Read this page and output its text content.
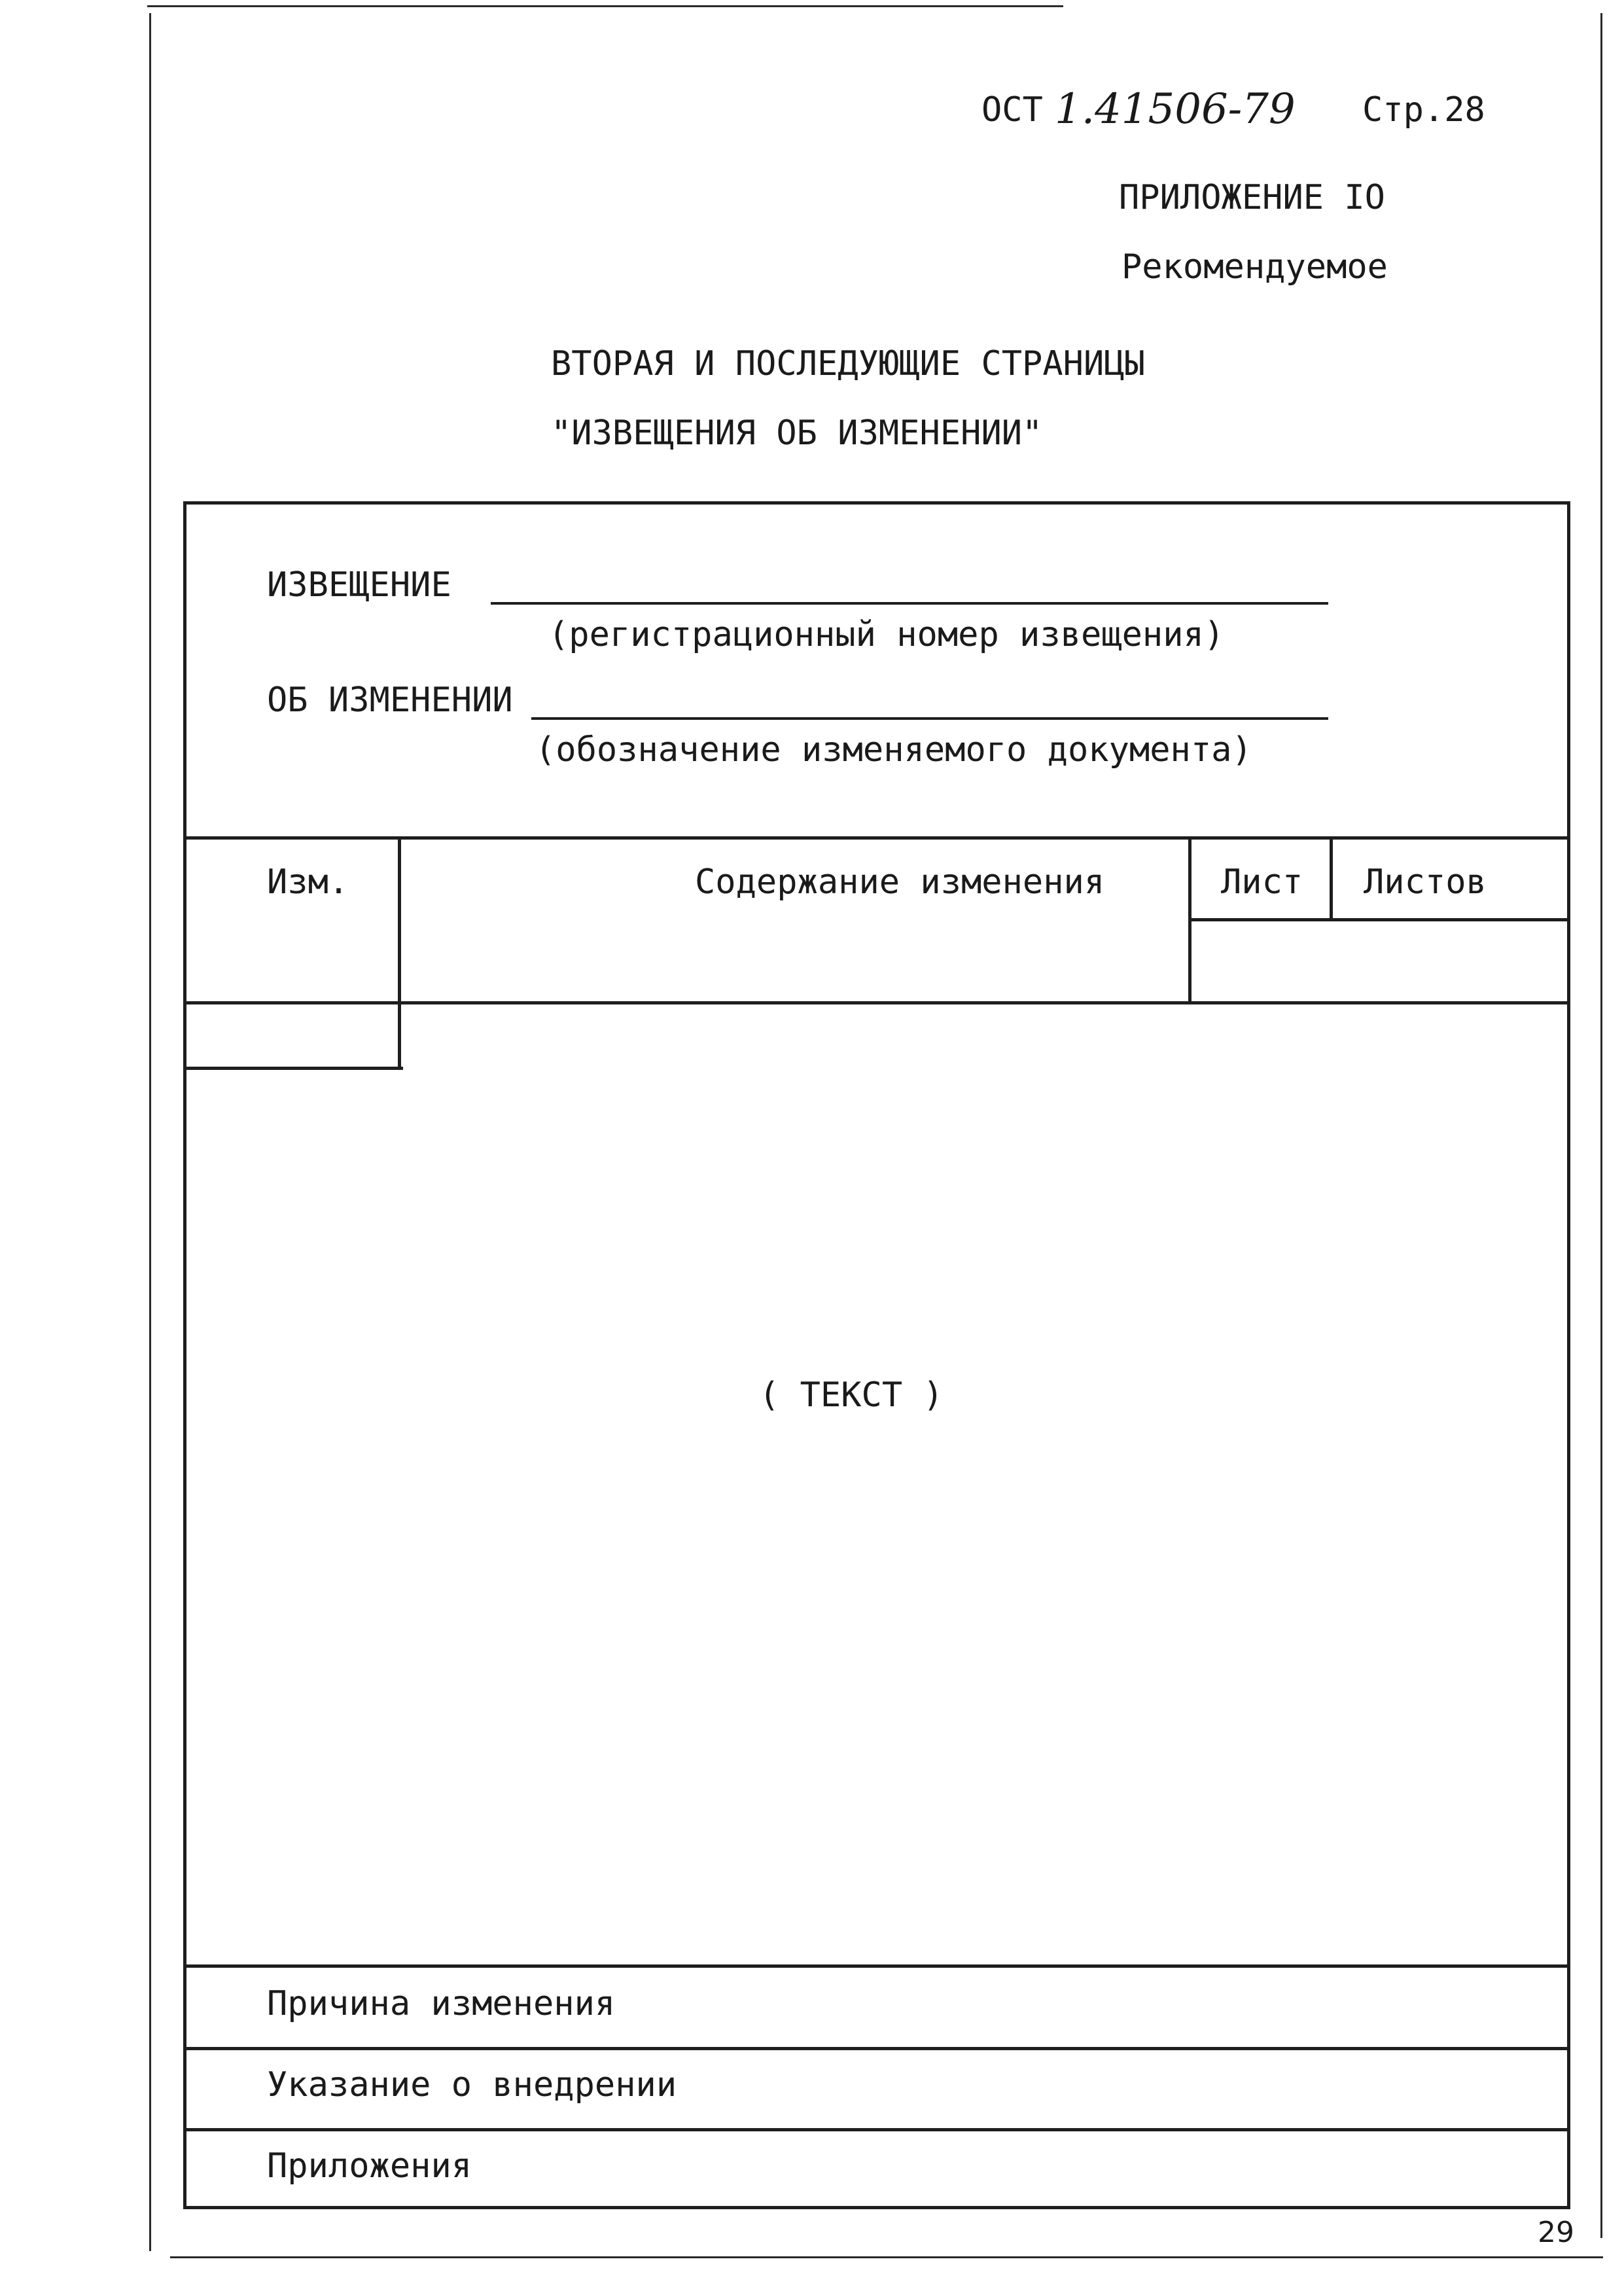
ОСТ 1.41506-79 Стр.28
ПРИЛОЖЕНИЕ IO
Рекомендуемое
ВТОРАЯ И ПОСЛЕДУЮЩИЕ СТРАНИЦЫ
"ИЗВЕЩЕНИЯ ОБ ИЗМЕНЕНИИ"
ИЗВЕЩЕНИЕ
(регистрационный номер извещения)
ОБ ИЗМЕНЕНИИ
(обозначение изменяемого документа)
Изм.	Содержание изменения	Лист Листов
( ТЕКСТ )
Причина изменения
Указание о внедрении
Приложения
29
